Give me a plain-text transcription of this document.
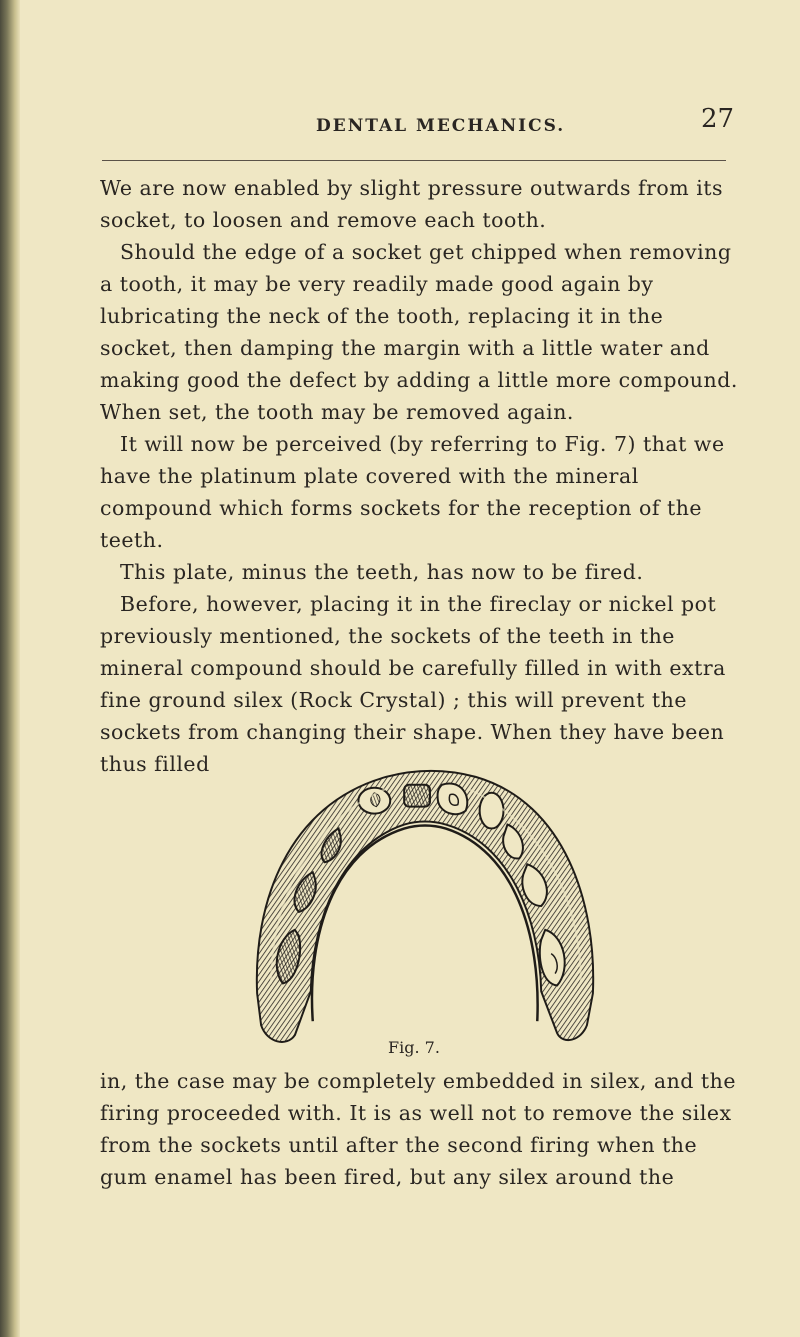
DENTAL MECHANICS.	27

We are now enabled by slight pressure outwards from its socket, to loosen and remove each tooth.

Should the edge of a socket get chipped when removing a tooth, it may be very readily made good again by lubricating the neck of the tooth, replacing it in the socket, then damping the margin with a little water and making good the defect by adding a little more compound. When set, the tooth may be removed again.

It will now be perceived (by referring to Fig. 7) that we have the platinum plate covered with the mineral compound which forms sockets for the reception of the teeth.

This plate, minus the teeth, has now to be fired.

Before, however, placing it in the fireclay or nickel pot previously mentioned, the sockets of the teeth in the mineral compound should be carefully filled in with extra fine ground silex (Rock Crystal) ; this will prevent the sockets from changing their shape. When they have been thus filled

Fig. 7.

in, the case may be completely embedded in silex, and the firing proceeded with. It is as well not to remove the silex from the sockets until after the second firing when the gum enamel has been fired, but any silex around the
